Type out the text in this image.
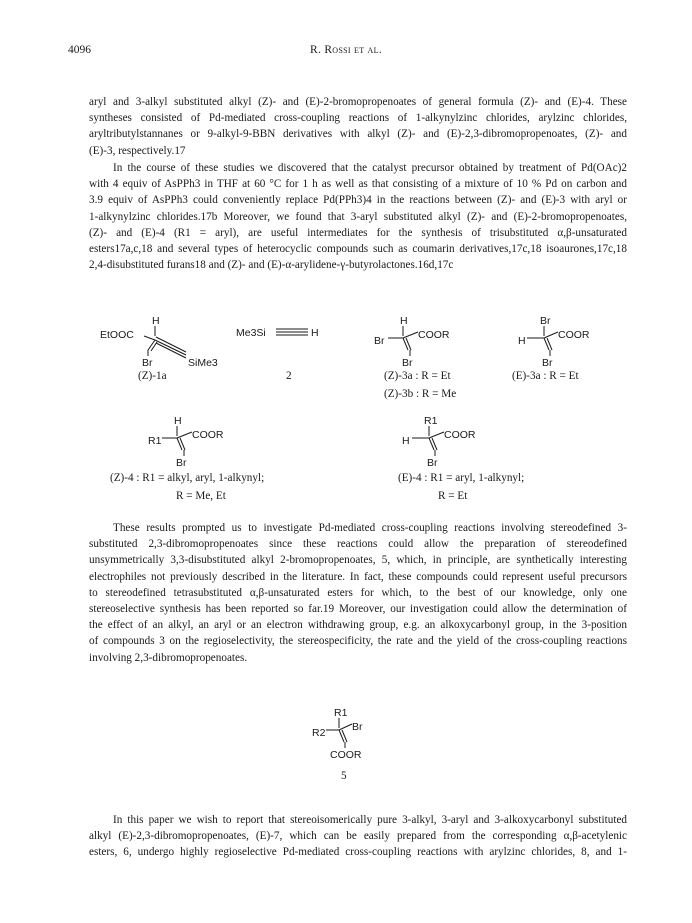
4096	R. Rossi et al.
aryl and 3-alkyl substituted alkyl (Z)- and (E)-2-bromopropenoates of general formula (Z)- and (E)-4. These
syntheses consisted of Pd-mediated cross-coupling reactions of 1-alkynylzinc chlorides, arylzinc chlorides,
aryltributylstannanes or 9-alkyl-9-BBN derivatives with alkyl (Z)- and (E)-2,3-dibromopropenoates, (Z)- and
(E)-3, respectively.17
In the course of these studies we discovered that the catalyst precursor obtained by treatment of Pd(OAc)2
with 4 equiv of AsPPh3 in THF at 60 °C for 1 h as well as that consisting of a mixture of 10 % Pd on carbon and
3.9 equiv of AsPPh3 could conveniently replace Pd(PPh3)4 in the reactions between (Z)- and (E)-3 with aryl or
1-alkynylzinc chlorides.17b Moreover, we found that 3-aryl substituted alkyl (Z)- and (E)-2-bromopropenoates,
(Z)- and (E)-4 (R1 = aryl), are useful intermediates for the synthesis of trisubstituted α,β-unsaturated
esters17a,c,18 and several types of heterocyclic compounds such as coumarin derivatives,17c,18 isoaurones,17c,18
2,4-disubstituted furans18 and (Z)- and (E)-α-arylidene-γ-butyrolactones.16d,17c
H
EtOOC
Br	SiMe3
(Z)-1a
Me3Si	H
2
H
Br	COOR
Br
(Z)-3a : R = Et
(Z)-3b : R = Me
Br
H	COOR
Br
(E)-3a : R = Et
H
R1	COOR
Br
(Z)-4 : R1 = alkyl, aryl, 1-alkynyl;
R = Me, Et
R1
H	COOR
Br
(E)-4 : R1 = aryl, 1-alkynyl;
R = Et
These results prompted us to investigate Pd-mediated cross-coupling reactions involving stereodefined 3-
substituted 2,3-dibromopropenoates since these reactions could allow the preparation of stereodefined
unsymmetrically 3,3-disubstituted alkyl 2-bromopropenoates, 5, which, in principle, are synthetically interesting
electrophiles not previously described in the literature. In fact, these compounds could represent useful precursors
to stereodefined tetrasubstituted α,β-unsaturated esters for which, to the best of our knowledge, only one
stereoselective synthesis has been reported so far.19 Moreover, our investigation could allow the determination of
the effect of an alkyl, an aryl or an electron withdrawing group, e.g. an alkoxycarbonyl group, in the 3-position
of compounds 3 on the regioselectivity, the stereospecificity, the rate and the yield of the cross-coupling reactions
involving 2,3-dibromopropenoates.
R1
R2	Br
COOR
5
In this paper we wish to report that stereoisomerically pure 3-alkyl, 3-aryl and 3-alkoxycarbonyl substituted
alkyl (E)-2,3-dibromopropenoates, (E)-7, which can be easily prepared from the corresponding α,β-acetylenic
esters, 6, undergo highly regioselective Pd-mediated cross-coupling reactions with arylzinc chlorides, 8, and 1-
